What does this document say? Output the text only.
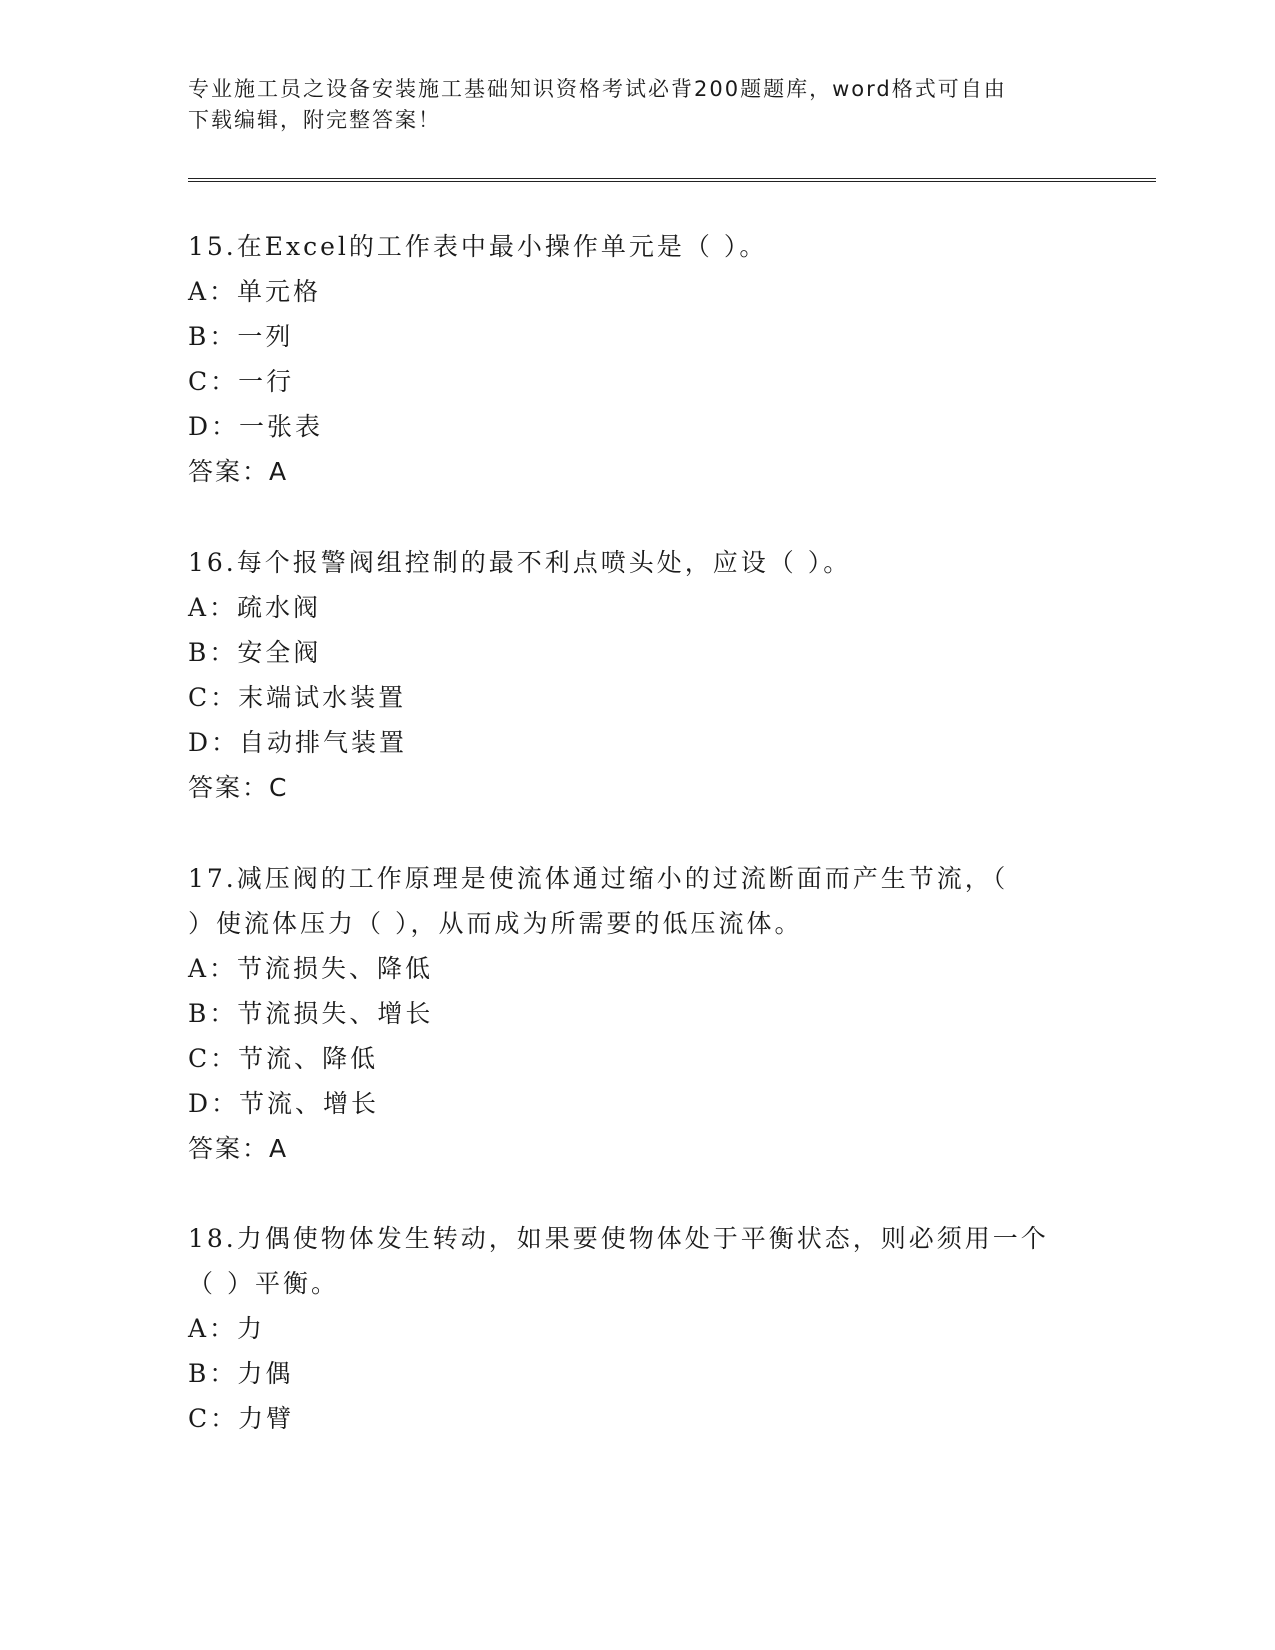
专业施工员之设备安装施工基础知识资格考试必背200题题库，word格式可自由
下载编辑，附完整答案！

15.在Excel的工作表中最小操作单元是（ ）。

A：单元格

B：一列

C：一行

D：一张表

答案：A

16.每个报警阀组控制的最不利点喷头处，应设（ ）。

A：疏水阀

B：安全阀

C：末端试水装置

D：自动排气装置

答案：C

17.减压阀的工作原理是使流体通过缩小的过流断面而产生节流，（

）使流体压力（ ），从而成为所需要的低压流体。

A：节流损失、降低

B：节流损失、增长

C：节流、降低

D：节流、增长

答案：A

18.力偶使物体发生转动，如果要使物体处于平衡状态，则必须用一个

（ ）平衡。

A：力

B：力偶

C：力臂
